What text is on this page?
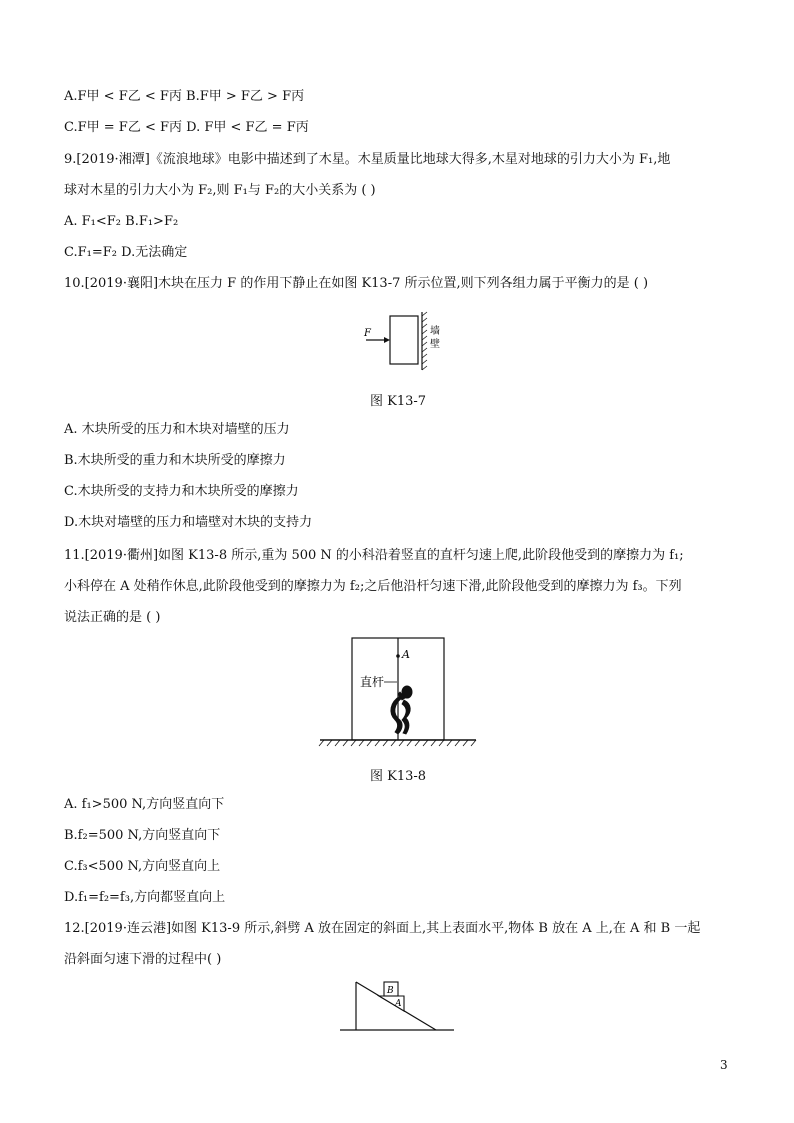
A.F甲 < F乙 < F丙 B.F甲 > F乙 > F丙
C.F甲 = F乙 < F丙 D. F甲 < F乙 = F丙
9.[2019·湘潭]《流浪地球》电影中描述到了木星。木星质量比地球大得多,木星对地球的引力大小为 F₁,地
球对木星的引力大小为 F₂,则 F₁与 F₂的大小关系为 ( )
A. F₁<F₂ B.F₁>F₂
C.F₁=F₂ D.无法确定
10.[2019·襄阳]木块在压力 F 的作用下静止在如图 K13-7 所示位置,则下列各组力属于平衡力的是 ( )
F	墙
壁
图 K13-7
A. 木块所受的压力和木块对墙壁的压力
B.木块所受的重力和木块所受的摩擦力
C.木块所受的支持力和木块所受的摩擦力
D.木块对墙壁的压力和墙壁对木块的支持力
11.[2019·衢州]如图 K13-8 所示,重为 500 N 的小科沿着竖直的直杆匀速上爬,此阶段他受到的摩擦力为 f₁;
小科停在 A 处稍作休息,此阶段他受到的摩擦力为 f₂;之后他沿杆匀速下滑,此阶段他受到的摩擦力为 f₃。下列
说法正确的是 ( )
A
直杆
图 K13-8
A. f₁>500 N,方向竖直向下
B.f₂=500 N,方向竖直向下
C.f₃<500 N,方向竖直向上
D.f₁=f₂=f₃,方向都竖直向上
12.[2019·连云港]如图 K13-9 所示,斜劈 A 放在固定的斜面上,其上表面水平,物体 B 放在 A 上,在 A 和 B 一起
沿斜面匀速下滑的过程中( )
B
A
3
